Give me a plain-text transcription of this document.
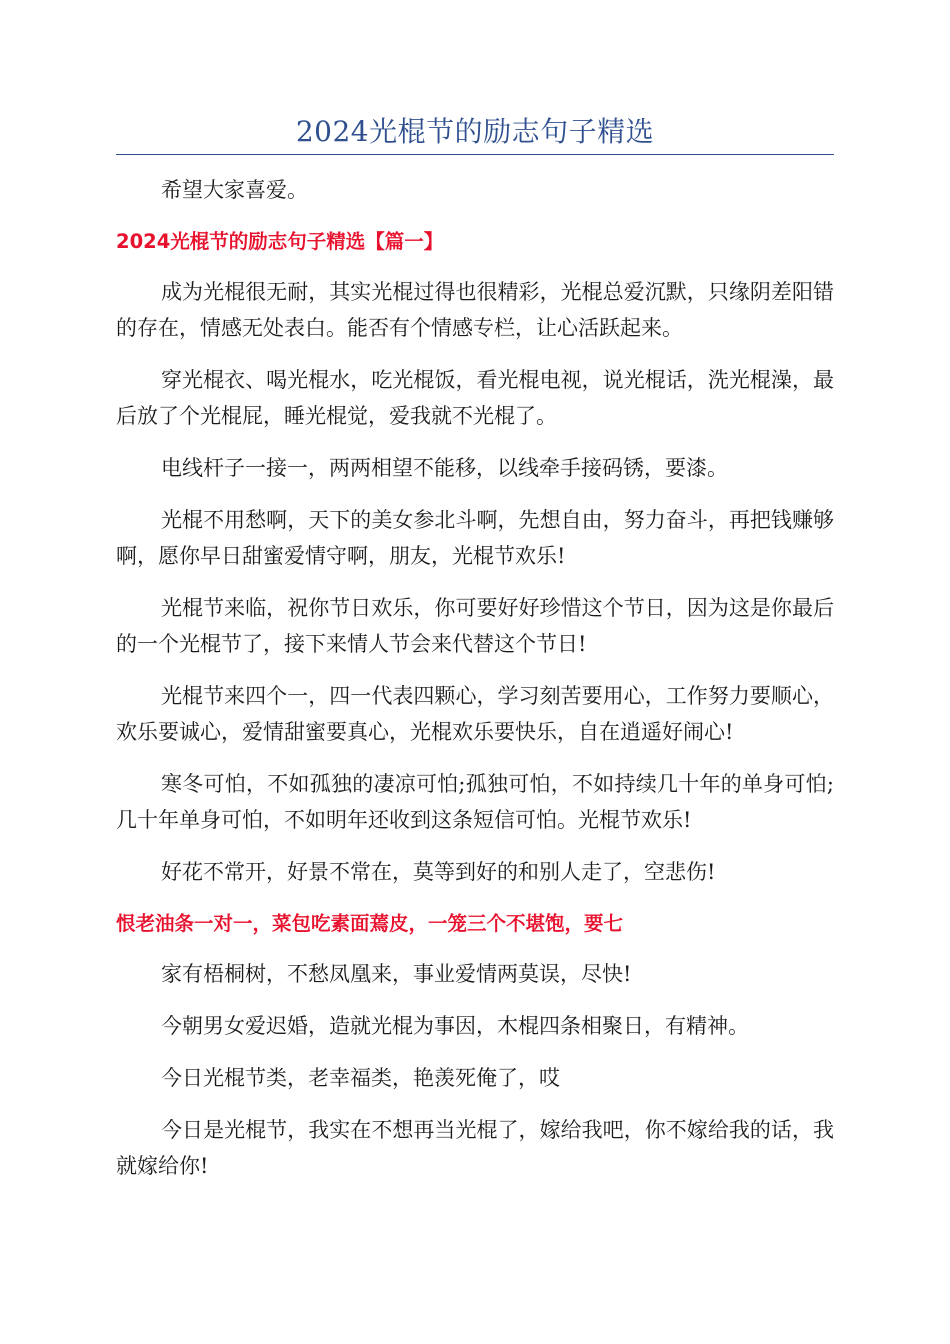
2024光棍节的励志句子精选

希望大家喜爱。

2024光棍节的励志句子精选【篇一】

成为光棍很无耐，其实光棍过得也很精彩，光棍总爱沉默，只缘阴差阳错的存在，情感无处表白。能否有个情感专栏，让心活跃起来。

穿光棍衣、喝光棍水，吃光棍饭，看光棍电视，说光棍话，洗光棍澡，最后放了个光棍屁，睡光棍觉，爱我就不光棍了。

电线杆子一接一，两两相望不能移，以线牵手接码锈，要漆。

光棍不用愁啊，天下的美女参北斗啊，先想自由，努力奋斗，再把钱赚够啊，愿你早日甜蜜爱情守啊，朋友，光棍节欢乐!

光棍节来临，祝你节日欢乐，你可要好好珍惜这个节日，因为这是你最后的一个光棍节了，接下来情人节会来代替这个节日!

光棍节来四个一，四一代表四颗心，学习刻苦要用心，工作努力要顺心，欢乐要诚心，爱情甜蜜要真心，光棍欢乐要快乐，自在逍遥好闹心!

寒冬可怕，不如孤独的凄凉可怕;孤独可怕，不如持续几十年的单身可怕;几十年单身可怕，不如明年还收到这条短信可怕。光棍节欢乐!

好花不常开，好景不常在，莫等到好的和别人走了，空悲伤!

恨老油条一对一，菜包吃素面蔫皮，一笼三个不堪饱，要七

家有梧桐树，不愁凤凰来，事业爱情两莫误，尽快!

今朝男女爱迟婚，造就光棍为事因，木棍四条相聚日，有精神。

今日光棍节类，老幸福类，艳羡死俺了，哎

今日是光棍节，我实在不想再当光棍了，嫁给我吧，你不嫁给我的话，我就嫁给你!
